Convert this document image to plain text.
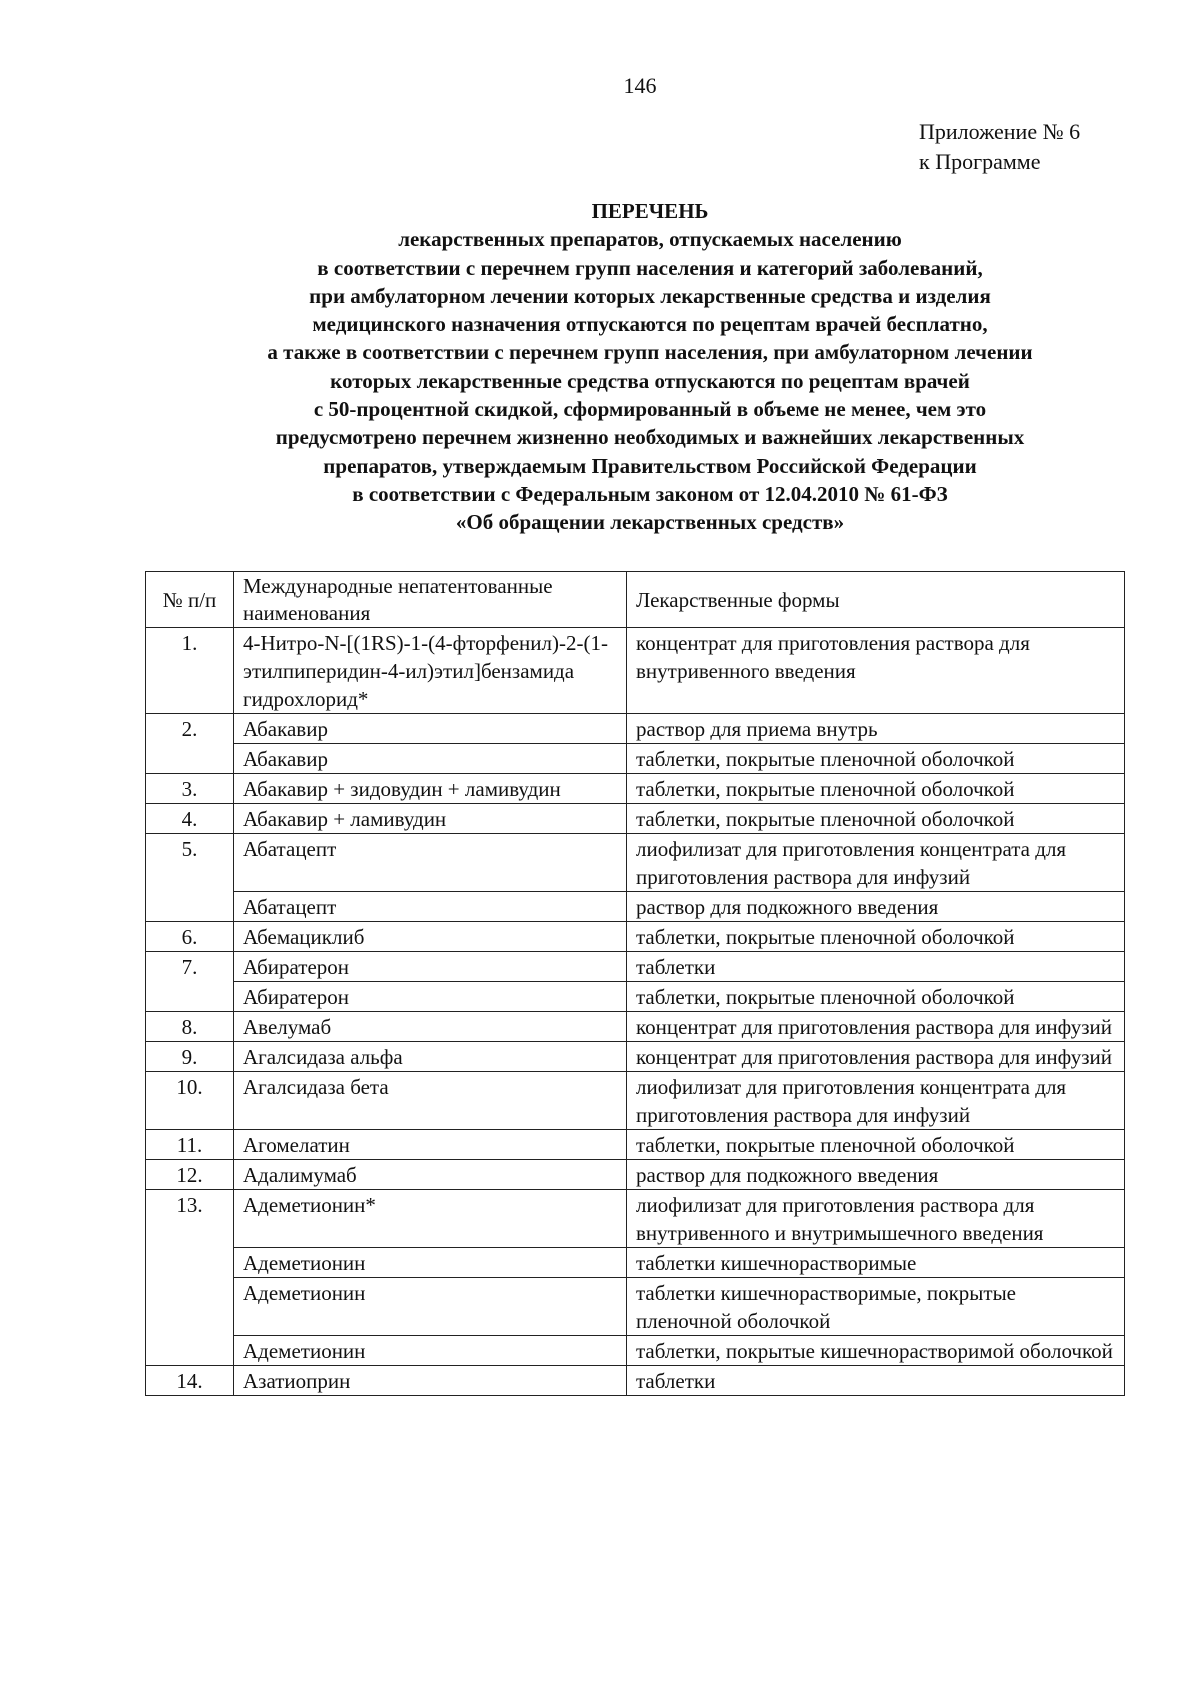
146
Приложение № 6
к Программе
ПЕРЕЧЕНЬ
лекарственных препаратов, отпускаемых населению
в соответствии с перечнем групп населения и категорий заболеваний,
при амбулаторном лечении которых лекарственные средства и изделия
медицинского назначения отпускаются по рецептам врачей бесплатно,
а также в соответствии с перечнем групп населения, при амбулаторном лечении
которых лекарственные средства отпускаются по рецептам врачей
с 50-процентной скидкой, сформированный в объеме не менее, чем это
предусмотрено перечнем жизненно необходимых и важнейших лекарственных
препаратов, утверждаемым Правительством Российской Федерации
в соответствии с Федеральным законом от 12.04.2010 № 61-ФЗ
«Об обращении лекарственных средств»
№ п/п	Международные непатентованные наименования	Лекарственные формы
1.	4-Нитро-N-[(1RS)-1-(4-фторфенил)-2-(1-этилпиперидин-4-ил)этил]бензамида гидрохлорид*	концентрат для приготовления раствора для внутривенного введения
2.	Абакавир	раствор для приема внутрь
	Абакавир	таблетки, покрытые пленочной оболочкой
3.	Абакавир + зидовудин + ламивудин	таблетки, покрытые пленочной оболочкой
4.	Абакавир + ламивудин	таблетки, покрытые пленочной оболочкой
5.	Абатацепт	лиофилизат для приготовления концентрата для приготовления раствора для инфузий
	Абатацепт	раствор для подкожного введения
6.	Абемациклиб	таблетки, покрытые пленочной оболочкой
7.	Абиратерон	таблетки
	Абиратерон	таблетки, покрытые пленочной оболочкой
8.	Авелумаб	концентрат для приготовления раствора для инфузий
9.	Агалсидаза альфа	концентрат для приготовления раствора для инфузий
10.	Агалсидаза бета	лиофилизат для приготовления концентрата для приготовления раствора для инфузий
11.	Агомелатин	таблетки, покрытые пленочной оболочкой
12.	Адалимумаб	раствор для подкожного введения
13.	Адеметионин*	лиофилизат для приготовления раствора для внутривенного и внутримышечного введения
	Адеметионин	таблетки кишечнорастворимые
	Адеметионин	таблетки кишечнорастворимые, покрытые пленочной оболочкой
	Адеметионин	таблетки, покрытые кишечнорастворимой оболочкой
14.	Азатиоприн	таблетки
